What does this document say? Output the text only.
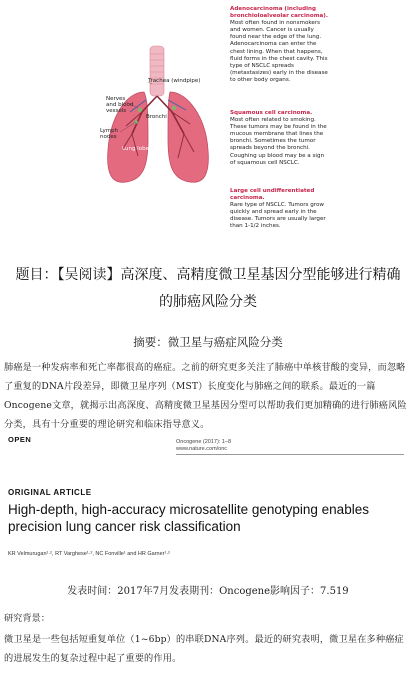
Trachea (windpipe)
Nerves and blood vessels
Bronchi
Lymph nodes
Lung lobe
Adenocarcinoma (including bronchioloalveolar carcinoma).
Most often found in nonsmokers and women. Cancer is usually found near the edge of the lung. Adenocarcinoma can enter the chest lining. When that happens, fluid forms in the chest cavity. This type of NSCLC spreads (metastasizes) early in the disease to other body organs.
Squamous cell carcinoma.
Most often related to smoking. These tumors may be found in the mucous membrane that lines the bronchi. Sometimes the tumor spreads beyond the bronchi. Coughing up blood may be a sign of squamous cell NSCLC.
Large cell undifferentiated carcinoma.
Rare type of NSCLC. Tumors grow quickly and spread early in the disease. Tumors are usually larger than 1-1/2 inches.
题目：【吴阅读】高深度、高精度微卫星基因分型能够进行精确
的肺癌风险分类
摘要：微卫星与癌症风险分类

肺癌是一种发病率和死亡率都很高的癌症。之前的研究更多关注了肺癌中单核苷酸的变异，而忽略了重复的DNA片段差异，即微卫星序列（MST）长度变化与肺癌之间的联系。最近的一篇Oncogene文章，就揭示出高深度、高精度微卫星基因分型可以帮助我们更加精确的进行肺癌风险分类，具有十分重要的理论研究和临床指导意义。

OPEN	Oncogene (2017): 1–8
www.nature.com/onc
ORIGINAL ARTICLE

High-depth, high-accuracy microsatellite genotyping enables precision lung cancer risk classification

KR Velmurugan¹·², RT Varghese¹·², NC Fonville¹ and HR Garner¹·²
发表时间：2017年7月发表期刊：Oncogene影响因子：7.519
研究背景：

微卫星是一些包括短重复单位（1~6bp）的串联DNA序列。最近的研究表明，微卫星在多种癌症的进展发生的复杂过程中起了重要的作用。
